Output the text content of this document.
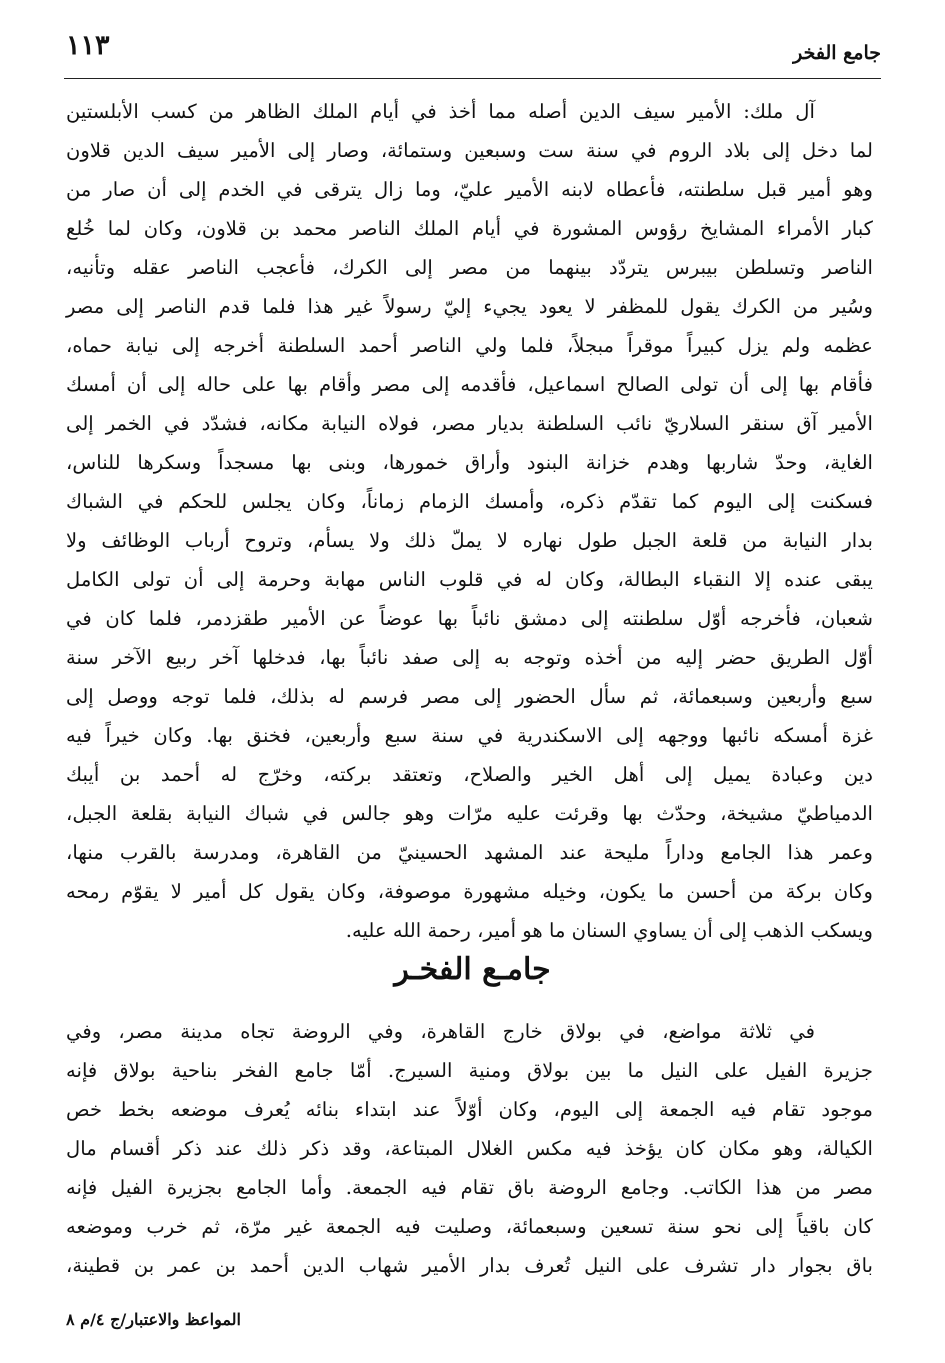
جامع الفخر
١١٣
آل ملك: الأمير سيف الدين أصله مما أخذ في أيام الملك الظاهر من كسب الأبلستين
لما دخل إلى بلاد الروم في سنة ست وسبعين وستمائة، وصار إلى الأمير سيف الدين قلاون
وهو أمير قبل سلطنته، فأعطاه لابنه الأمير عليّ، وما زال يترقى في الخدم إلى أن صار من
كبار الأمراء المشايخ رؤوس المشورة في أيام الملك الناصر محمد بن قلاون، وكان لما خُلع
الناصر وتسلطن بيبرس يتردّد بينهما من مصر إلى الكرك، فأعجب الناصر عقله وتأنيه،
وسُير من الكرك يقول للمظفر لا يعود يجيء إليّ رسولاً غير هذا فلما قدم الناصر إلى مصر
عظمه ولم يزل كبيراً موقراً مبجلاً، فلما ولي الناصر أحمد السلطنة أخرجه إلى نيابة حماه،
فأقام بها إلى أن تولى الصالح اسماعيل، فأقدمه إلى مصر وأقام بها على حاله إلى أن أمسك
الأمير آق سنقر السلاريّ نائب السلطنة بديار مصر، فولاه النيابة مكانه، فشدّد في الخمر إلى
الغاية، وحدّ شاربها وهدم خزانة البنود وأراق خمورها، وبنى بها مسجداً وسكرها للناس،
فسكنت إلى اليوم كما تقدّم ذكره، وأمسك الزمام زماناً، وكان يجلس للحكم في الشباك
بدار النيابة من قلعة الجبل طول نهاره لا يملّ ذلك ولا يسأم، وتروح أرباب الوظائف ولا
يبقى عنده إلا النقباء البطالة، وكان له في قلوب الناس مهابة وحرمة إلى أن تولى الكامل
شعبان، فأخرجه أوّل سلطنته إلى دمشق نائباً بها عوضاً عن الأمير طقزدمر، فلما كان في
أوّل الطريق حضر إليه من أخذه وتوجه به إلى صفد نائباً بها، فدخلها آخر ربيع الآخر سنة
سبع وأربعين وسبعمائة، ثم سأل الحضور إلى مصر فرسم له بذلك، فلما توجه ووصل إلى
غزة أمسكه نائبها ووجهه إلى الاسكندرية في سنة سبع وأربعين، فخنق بها. وكان خيراً فيه
دين وعبادة يميل إلى أهل الخير والصلاح، وتعتقد بركته، وخرّج له أحمد بن أيبك
الدمياطيّ مشيخة، وحدّث بها وقرئت عليه مرّات وهو جالس في شباك النيابة بقلعة الجبل،
وعمر هذا الجامع وداراً مليحة عند المشهد الحسينيّ من القاهرة، ومدرسة بالقرب منها،
وكان بركة من أحسن ما يكون، وخيله مشهورة موصوفة، وكان يقول كل أمير لا يقوّم رمحه
ويسكب الذهب إلى أن يساوي السنان ما هو أمير، رحمة الله عليه.
جامـع الفخـر
في ثلاثة مواضع، في بولاق خارج القاهرة، وفي الروضة تجاه مدينة مصر، وفي
جزيرة الفيل على النيل ما بين بولاق ومنية السيرج. أمّا جامع الفخر بناحية بولاق فإنه
موجود تقام فيه الجمعة إلى اليوم، وكان أوّلاً عند ابتداء بنائه يُعرف موضعه بخط خص
الكيالة، وهو مكان كان يؤخذ فيه مكس الغلال المبتاعة، وقد ذكر ذلك عند ذكر أقسام مال
مصر من هذا الكاتب. وجامع الروضة باق تقام فيه الجمعة. وأما الجامع بجزيرة الفيل فإنه
كان باقياً إلى نحو سنة تسعين وسبعمائة، وصليت فيه الجمعة غير مرّة، ثم خرب وموضعه
باق بجوار دار تشرف على النيل تُعرف بدار الأمير شهاب الدين أحمد بن عمر بن قطينة،
المواعظ والاعتبار/ج ٤/م ٨
